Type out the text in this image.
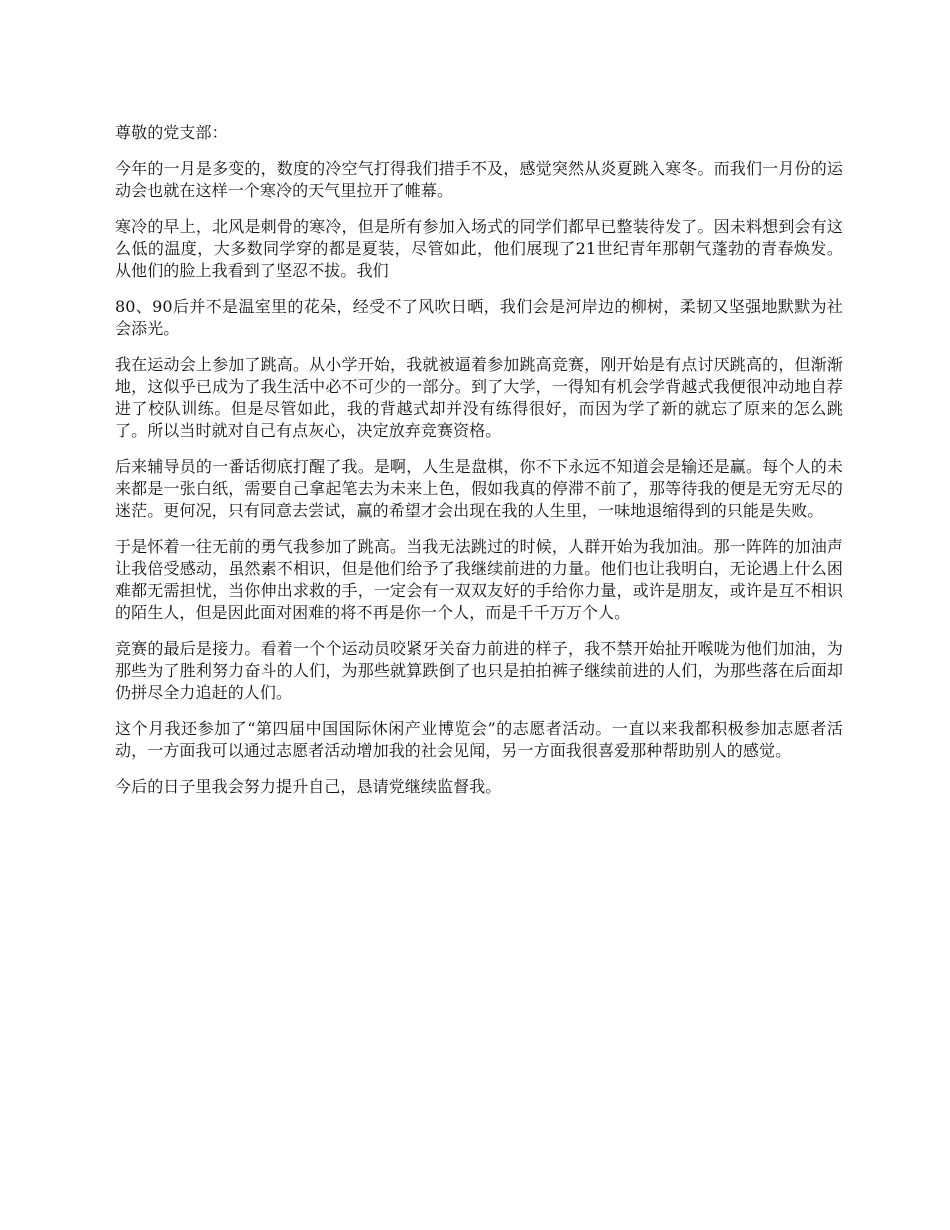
尊敬的党支部：

今年的一月是多变的，数度的冷空气打得我们措手不及，感觉突然从炎夏跳入寒冬。而我们一月份的运动会也就在这样一个寒冷的天气里拉开了帷幕。

寒冷的早上，北风是刺骨的寒冷，但是所有参加入场式的同学们都早已整装待发了。因未料想到会有这么低的温度，大多数同学穿的都是夏装，尽管如此，他们展现了21世纪青年那朝气蓬勃的青春焕发。从他们的脸上我看到了坚忍不拔。我们

80、90后并不是温室里的花朵，经受不了风吹日晒，我们会是河岸边的柳树，柔韧又坚强地默默为社会添光。

我在运动会上参加了跳高。从小学开始，我就被逼着参加跳高竞赛，刚开始是有点讨厌跳高的，但渐渐地，这似乎已成为了我生活中必不可少的一部分。到了大学，一得知有机会学背越式我便很冲动地自荐进了校队训练。但是尽管如此，我的背越式却并没有练得很好，而因为学了新的就忘了原来的怎么跳了。所以当时就对自己有点灰心，决定放弃竞赛资格。

后来辅导员的一番话彻底打醒了我。是啊，人生是盘棋，你不下永远不知道会是输还是赢。每个人的未来都是一张白纸，需要自己拿起笔去为未来上色，假如我真的停滞不前了，那等待我的便是无穷无尽的迷茫。更何况，只有同意去尝试，赢的希望才会出现在我的人生里，一味地退缩得到的只能是失败。

于是怀着一往无前的勇气我参加了跳高。当我无法跳过的时候，人群开始为我加油。那一阵阵的加油声让我倍受感动，虽然素不相识，但是他们给予了我继续前进的力量。他们也让我明白，无论遇上什么困难都无需担忧，当你伸出求救的手，一定会有一双双友好的手给你力量，或许是朋友，或许是互不相识的陌生人，但是因此面对困难的将不再是你一个人，而是千千万万个人。

竞赛的最后是接力。看着一个个运动员咬紧牙关奋力前进的样子，我不禁开始扯开喉咙为他们加油，为那些为了胜利努力奋斗的人们，为那些就算跌倒了也只是拍拍裤子继续前进的人们，为那些落在后面却仍拼尽全力追赶的人们。

这个月我还参加了“第四届中国国际休闲产业博览会”的志愿者活动。一直以来我都积极参加志愿者活动，一方面我可以通过志愿者活动增加我的社会见闻，另一方面我很喜爱那种帮助别人的感觉。

今后的日子里我会努力提升自己，恳请党继续监督我。
